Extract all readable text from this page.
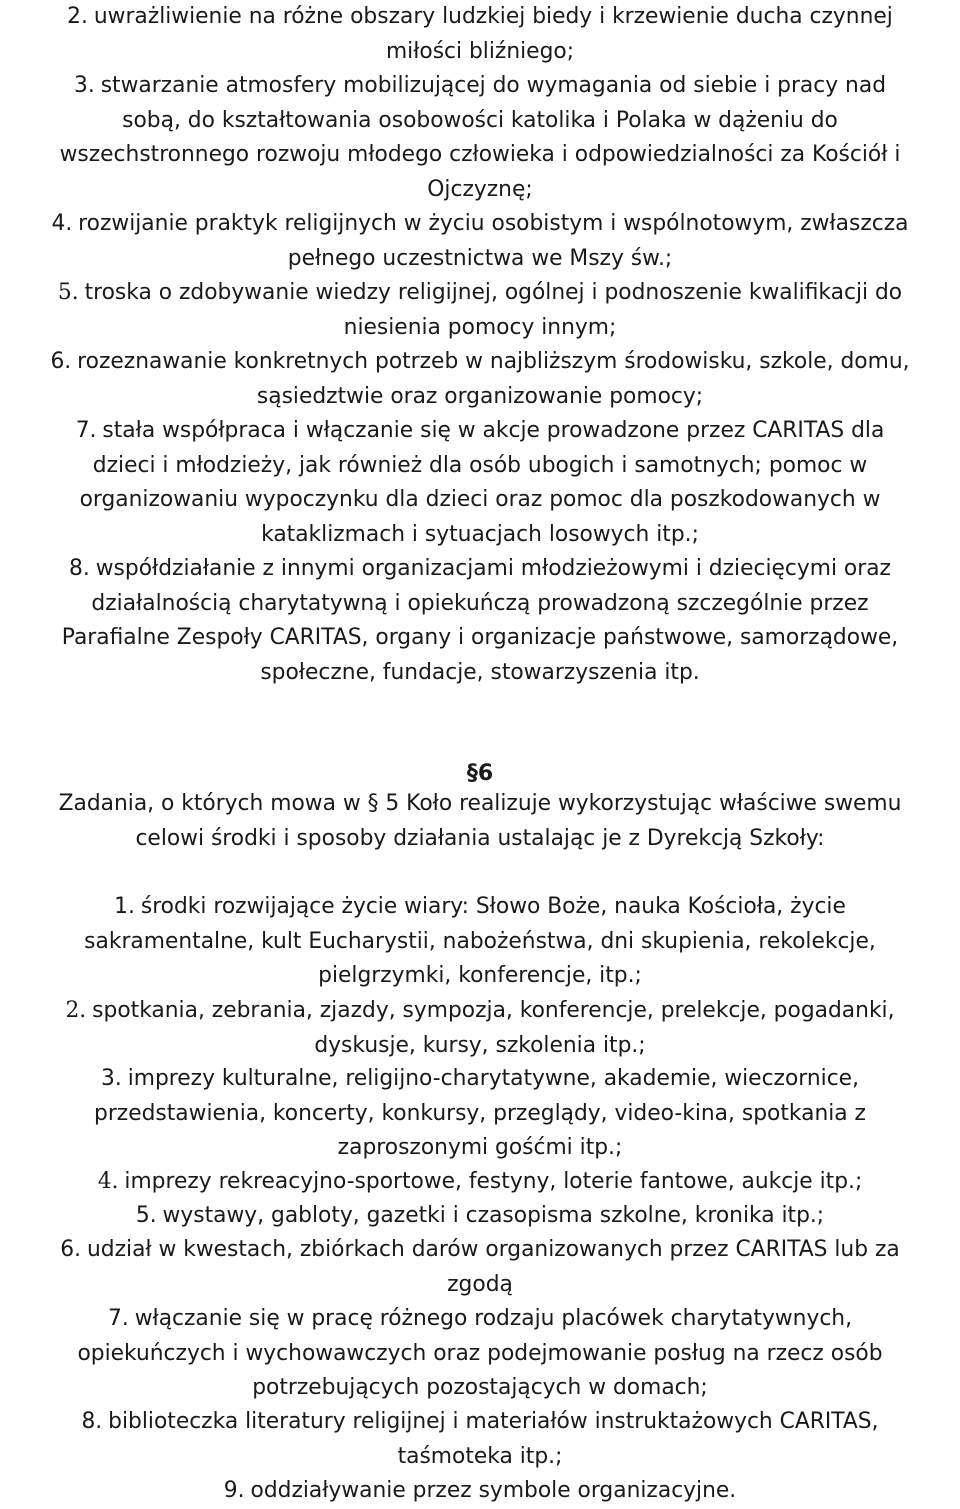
2. uwrażliwienie na różne obszary ludzkiej biedy i krzewienie ducha czynnej
miłości bliźniego;
3. stwarzanie atmosfery mobilizującej do wymagania od siebie i pracy nad
sobą, do kształtowania osobowości katolika i Polaka w dążeniu do
wszechstronnego rozwoju młodego człowieka i odpowiedzialności za Kościół i
Ojczyznę;
4. rozwijanie praktyk religijnych w życiu osobistym i wspólnotowym, zwłaszcza
pełnego uczestnictwa we Mszy św.;
5. troska o zdobywanie wiedzy religijnej, ogólnej i podnoszenie kwalifikacji do
niesienia pomocy innym;
6. rozeznawanie konkretnych potrzeb w najbliższym środowisku, szkole, domu,
sąsiedztwie oraz organizowanie pomocy;
7. stała współpraca i włączanie się w akcje prowadzone przez CARITAS dla
dzieci i młodzieży, jak również dla osób ubogich i samotnych; pomoc w
organizowaniu wypoczynku dla dzieci oraz pomoc dla poszkodowanych w
kataklizmach i sytuacjach losowych itp.;
8. współdziałanie z innymi organizacjami młodzieżowymi i dziecięcymi oraz
działalnością charytatywną i opiekuńczą prowadzoną szczególnie przez
Parafialne Zespoły CARITAS, organy i organizacje państwowe, samorządowe,
społeczne, fundacje, stowarzyszenia itp.
§6
Zadania, o których mowa w § 5 Koło realizuje wykorzystując właściwe swemu
celowi środki i sposoby działania ustalając je z Dyrekcją Szkoły:
1. środki rozwijające życie wiary: Słowo Boże, nauka Kościoła, życie
sakramentalne, kult Eucharystii, nabożeństwa, dni skupienia, rekolekcje,
pielgrzymki, konferencje, itp.;
2. spotkania, zebrania, zjazdy, sympozja, konferencje, prelekcje, pogadanki,
dyskusje, kursy, szkolenia itp.;
3. imprezy kulturalne, religijno-charytatywne, akademie, wieczornice,
przedstawienia, koncerty, konkursy, przeglądy, video-kina, spotkania z
zaproszonymi gośćmi itp.;
4. imprezy rekreacyjno-sportowe, festyny, loterie fantowe, aukcje itp.;
5. wystawy, gabloty, gazetki i czasopisma szkolne, kronika itp.;
6. udział w kwestach, zbiórkach darów organizowanych przez CARITAS lub za
zgodą
7. włączanie się w pracę różnego rodzaju placówek charytatywnych,
opiekuńczych i wychowawczych oraz podejmowanie posług na rzecz osób
potrzebujących pozostających w domach;
8. biblioteczka literatury religijnej i materiałów instruktażowych CARITAS,
taśmoteka itp.;
9. oddziaływanie przez symbole organizacyjne.
